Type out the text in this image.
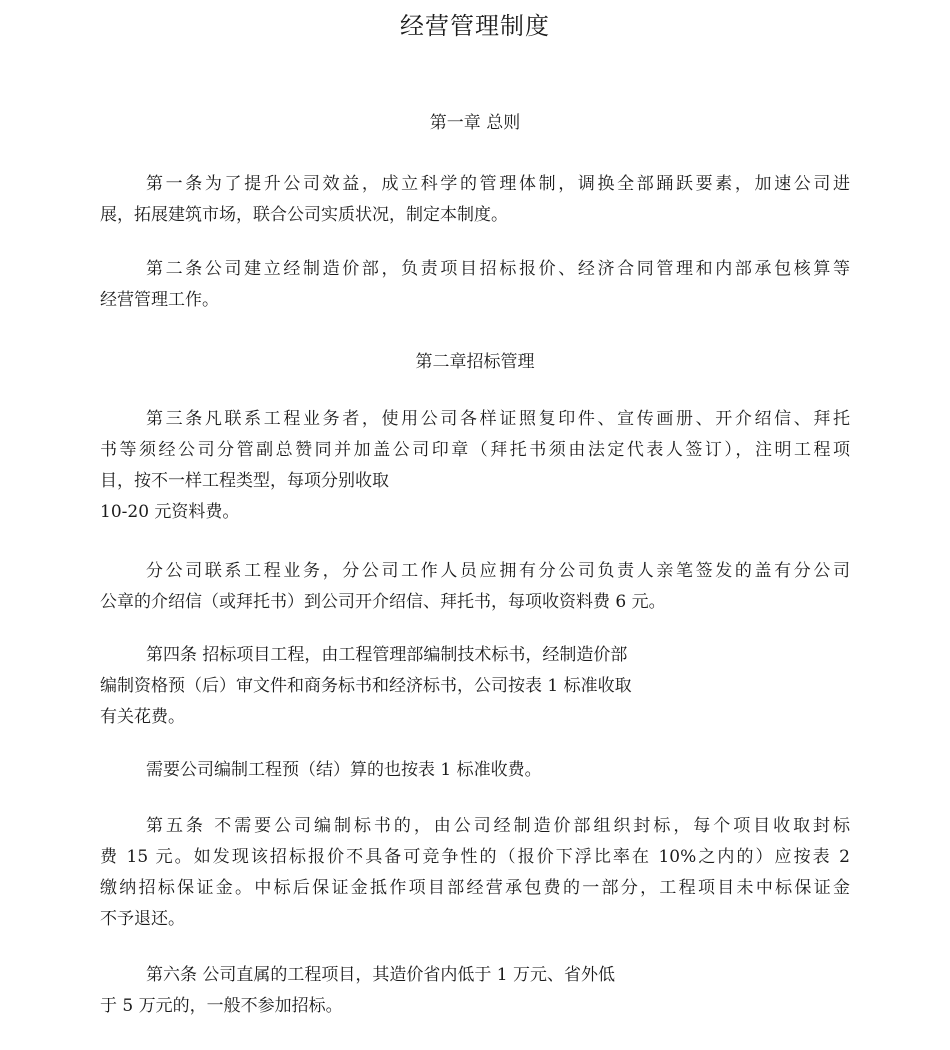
经营管理制度
第一章 总则
第一条为了提升公司效益，成立科学的管理体制，调换全部踊跃要素，加速公司进
展，拓展建筑市场，联合公司实质状况，制定本制度。
第二条公司建立经制造价部，负责项目招标报价、经济合同管理和内部承包核算等
经营管理工作。
第二章招标管理
第三条凡联系工程业务者，使用公司各样证照复印件、宣传画册、开介绍信、拜托
书等须经公司分管副总赞同并加盖公司印章（拜托书须由法定代表人签订），注明工程项
目，按不一样工程类型，每项分别收取
10-20 元资料费。
分公司联系工程业务，分公司工作人员应拥有分公司负责人亲笔签发的盖有分公司
公章的介绍信（或拜托书）到公司开介绍信、拜托书，每项收资料费 6 元。
第四条 招标项目工程，由工程管理部编制技术标书，经制造价部
编制资格预（后）审文件和商务标书和经济标书，公司按表 1 标准收取
有关花费。
需要公司编制工程预（结）算的也按表 1 标准收费。
第五条 不需要公司编制标书的，由公司经制造价部组织封标，每个项目收取封标
费 15 元。如发现该招标报价不具备可竞争性的（报价下浮比率在 10%之内的）应按表 2
缴纳招标保证金。中标后保证金抵作项目部经营承包费的一部分，工程项目未中标保证金
不予退还。
第六条 公司直属的工程项目，其造价省内低于 1 万元、省外低
于 5 万元的，一般不参加招标。
